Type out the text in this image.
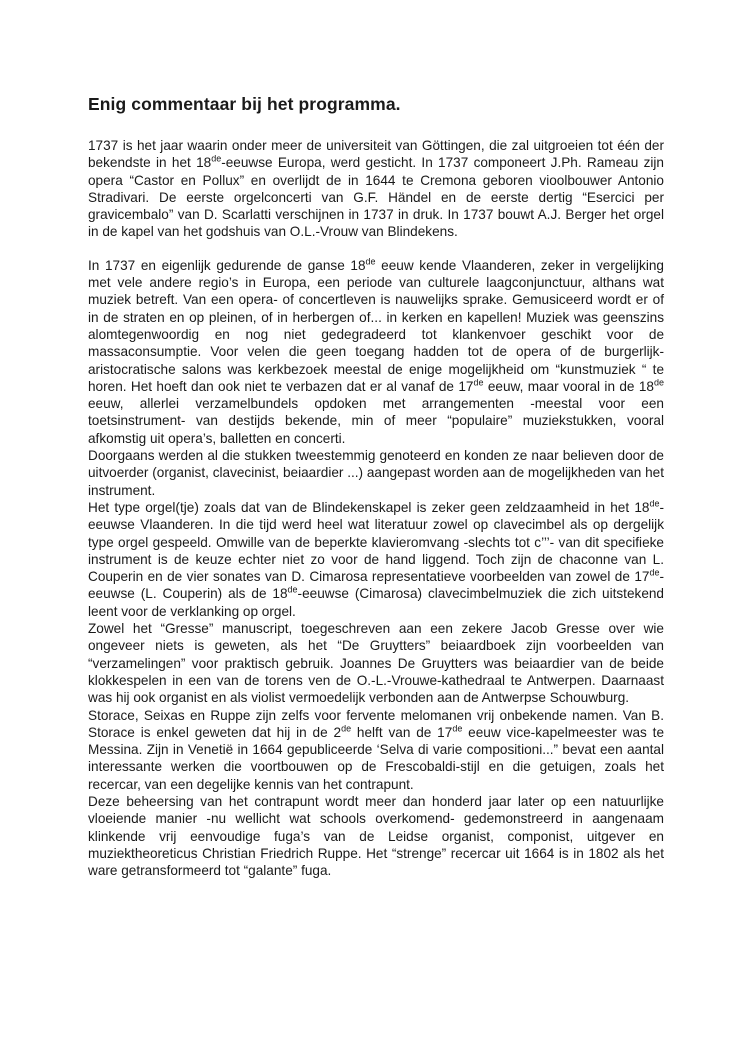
Enig commentaar bij het programma.

1737 is het jaar waarin onder meer de universiteit van Göttingen, die zal uitgroeien tot één der bekendste in het 18de-eeuwse Europa, werd gesticht. In 1737 componeert J.Ph. Rameau zijn opera “Castor en Pollux” en overlijdt de in 1644 te Cremona geboren vioolbouwer Antonio Stradivari. De eerste orgelconcerti van G.F. Händel en de eerste dertig “Esercici per gravicembalo” van D. Scarlatti verschijnen in 1737 in druk. In 1737 bouwt A.J. Berger het orgel in de kapel van het godshuis van O.L.-Vrouw van Blindekens.

In 1737 en eigenlijk gedurende de ganse 18de eeuw kende Vlaanderen, zeker in vergelijking met vele andere regio’s in Europa, een periode van culturele laagconjunctuur, althans wat muziek betreft. Van een opera- of concertleven is nauwelijks sprake. Gemusiceerd wordt er of in de straten en op pleinen, of in herbergen of... in kerken en kapellen! Muziek was geenszins alomtegenwoordig en nog niet gedegradeerd tot klankenvoer geschikt voor de massaconsumptie. Voor velen die geen toegang hadden tot de opera of de burgerlijk-aristocratische salons was kerkbezoek meestal de enige mogelijkheid om “kunstmuziek “ te horen. Het hoeft dan ook niet te verbazen dat er al vanaf de 17de eeuw, maar vooral in de 18de eeuw, allerlei verzamelbundels opdoken met arrangementen -meestal voor een toetsinstrument- van destijds bekende, min of meer “populaire” muziekstukken, vooral afkomstig uit opera’s, balletten en concerti.

Doorgaans werden al die stukken tweestemmig genoteerd en konden ze naar believen door de uitvoerder (organist, clavecinist, beiaardier ...) aangepast worden aan de mogelijkheden van het instrument.

Het type orgel(tje) zoals dat van de Blindekenskapel is zeker geen zeldzaamheid in het 18de-eeuwse Vlaanderen. In die tijd werd heel wat literatuur zowel op clavecimbel als op dergelijk type orgel gespeeld. Omwille van de beperkte klavieromvang -slechts tot c’’’- van dit specifieke instrument is de keuze echter niet zo voor de hand liggend. Toch zijn de chaconne van L. Couperin en de vier sonates van D. Cimarosa representatieve voorbeelden van zowel de 17de-eeuwse (L. Couperin) als de 18de-eeuwse (Cimarosa) clavecimbelmuziek die zich uitstekend leent voor de verklanking op orgel.

Zowel het “Gresse” manuscript, toegeschreven aan een zekere Jacob Gresse over wie ongeveer niets is geweten, als het “De Gruytters” beiaardboek zijn voorbeelden van “verzamelingen” voor praktisch gebruik. Joannes De Gruytters was beiaardier van de beide klokkespelen in een van de torens ven de O.-L.-Vrouwe-kathedraal te Antwerpen. Daarnaast was hij ook organist en als violist vermoedelijk verbonden aan de Antwerpse Schouwburg.

Storace, Seixas en Ruppe zijn zelfs voor fervente melomanen vrij onbekende namen. Van B. Storace is enkel geweten dat hij in de 2de helft van de 17de eeuw vice-kapelmeester was te Messina. Zijn in Venetië in 1664 gepubliceerde ‘Selva di varie compositioni...” bevat een aantal interessante werken die voortbouwen op de Frescobaldi-stijl en die getuigen, zoals het recercar, van een degelijke kennis van het contrapunt.

Deze beheersing van het contrapunt wordt meer dan honderd jaar later op een natuurlijke vloeiende manier -nu wellicht wat schools overkomend- gedemonstreerd in aangenaam klinkende vrij eenvoudige fuga’s van de Leidse organist, componist, uitgever en muziektheoreticus Christian Friedrich Ruppe. Het “strenge” recercar uit 1664 is in 1802 als het ware getransformeerd tot “galante” fuga.
